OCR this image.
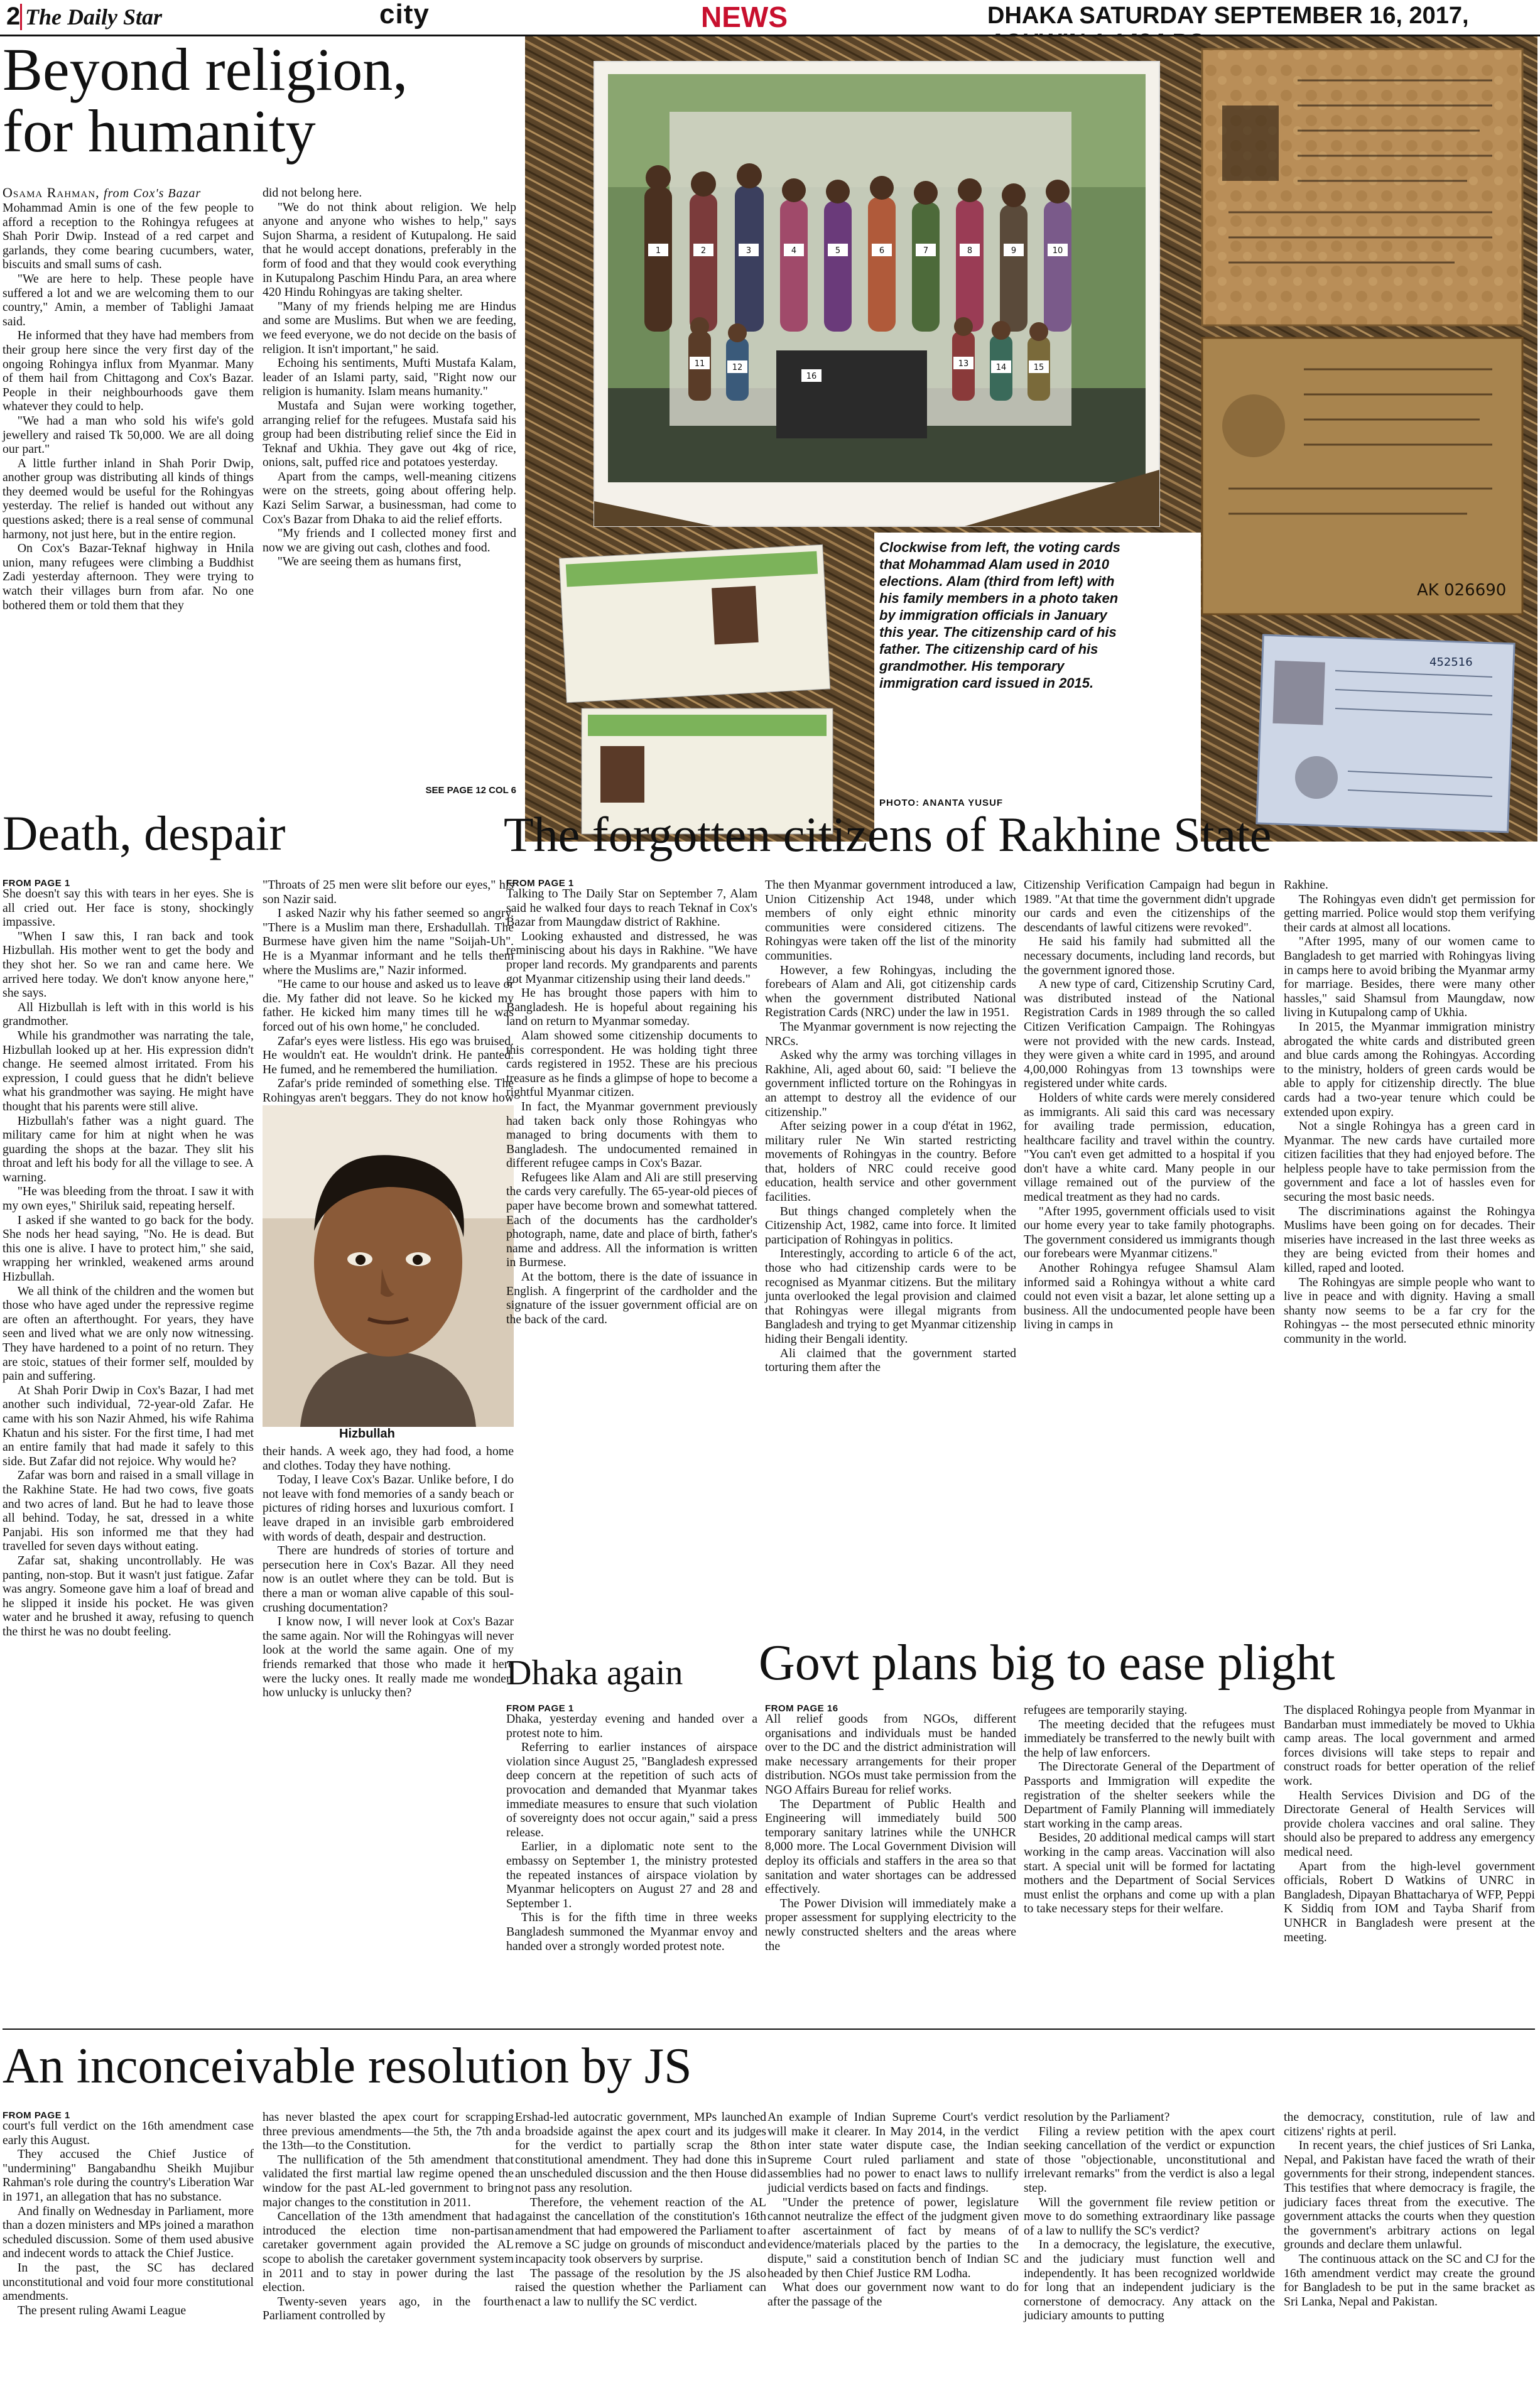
2 The Daily Star	city	NEWS	DHAKA SATURDAY SEPTEMBER 16, 2017,
Beyond religion,
for humanity
Osama Rahman, from Cox's Bazar

Mohammad Amin is one of the few people to afford a reception to the Rohingya refugees at Shah Porir Dwip. Instead of a red carpet and garlands, they come bearing cucumbers, water, biscuits and small sums of cash.

"We are here to help. These people have suffered a lot and we are welcoming them to our country," Amin, a member of Tablighi Jamaat said.

He informed that they have had members from their group here since the very first day of the ongoing Rohingya influx from Myanmar. Many of them hail from Chittagong and Cox's Bazar. People in their neighbourhoods gave them whatever they could to help.

"We had a man who sold his wife's gold jewellery and raised Tk 50,000. We are all doing our part."

A little further inland in Shah Porir Dwip, another group was distributing all kinds of things they deemed would be useful for the Rohingyas yesterday. The relief is handed out without any questions asked; there is a real sense of communal harmony, not just here, but in the entire region.

On Cox's Bazar-Teknaf highway in Hnila union, many refugees were climbing a Buddhist Zadi yesterday afternoon. They were trying to watch their villages burn from afar. No one bothered them or told them that they

did not belong here.

"We do not think about religion. We help anyone and anyone who wishes to help," says Sujon Sharma, a resident of Kutupalong. He said that he would accept donations, preferably in the form of food and that they would cook everything in Kutupalong Paschim Hindu Para, an area where 420 Hindu Rohingyas are taking shelter.

"Many of my friends helping me are Hindus and some are Muslims. But when we are feeding, we feed everyone, we do not decide on the basis of religion. It isn't important," he said.

Echoing his sentiments, Mufti Mustafa Kalam, leader of an Islami party, said, "Right now our religion is humanity. Islam means humanity."

Mustafa and Sujan were working together, arranging relief for the refugees. Mustafa said his group had been distributing relief since the Eid in Teknaf and Ukhia. They gave out 4kg of rice, onions, salt, puffed rice and potatoes yesterday.

Apart from the camps, well-meaning citizens were on the streets, going about offering help. Kazi Selim Sarwar, a businessman, had come to Cox's Bazar from Dhaka to aid the relief efforts.

"My friends and I collected money first and now we are giving out cash, clothes and food.

"We are seeing them as humans first,

SEE PAGE 12 COL 6
1	2	3	4	5	6	7	8	9	10
11	12	13	14	15
16
AK 026690
452516
Clockwise from left, the voting cards that Mohammad Alam used in 2010 elections. Alam (third from left) with his family members in a photo taken by immigration officials in January this year. The citizenship card of his father. The citizenship card of his grandmother. His temporary immigration card issued in 2015.
PHOTO: ANANTA YUSUF
Death, despair
FROM PAGE 1

She doesn't say this with tears in her eyes. She is all cried out. Her face is stony, shockingly impassive.

"When I saw this, I ran back and took Hizbullah. His mother went to get the body and they shot her. So we ran and came here. We arrived here today. We don't know anyone here," she says.

All Hizbullah is left with in this world is his grandmother.

While his grandmother was narrating the tale, Hizbullah looked up at her. His expression didn't change. He seemed almost irritated. From his expression, I could guess that he didn't believe what his grandmother was saying. He might have thought that his parents were still alive.

Hizbullah's father was a night guard. The military came for him at night when he was guarding the shops at the bazar. They slit his throat and left his body for all the village to see. A warning.

"He was bleeding from the throat. I saw it with my own eyes," Shiriluk said, repeating herself.

I asked if she wanted to go back for the body. She nods her head saying, "No. He is dead. But this one is alive. I have to protect him," she said, wrapping her wrinkled, weakened arms around Hizbullah.

We all think of the children and the women but those who have aged under the repressive regime are often an afterthought. For years, they have seen and lived what we are only now witnessing. They have hardened to a point of no return. They are stoic, statues of their former self, moulded by pain and suffering.

At Shah Porir Dwip in Cox's Bazar, I had met another such individual, 72-year-old Zafar. He came with his son Nazir Ahmed, his wife Rahima Khatun and his sister. For the first time, I had met an entire family that had made it safely to this side. But Zafar did not rejoice. Why would he?

Zafar was born and raised in a small village in the Rakhine State. He had two cows, five goats and two acres of land. But he had to leave those all behind. Today, he sat, dressed in a white Panjabi. His son informed me that they had travelled for seven days without eating.

Zafar sat, shaking uncontrollably. He was panting, non-stop. But it wasn't just fatigue. Zafar was angry. Someone gave him a loaf of bread and he slipped it inside his pocket. He was given water and he brushed it away, refusing to quench the thirst he was no doubt feeling.

"Throats of 25 men were slit before our eyes," his son Nazir said.

I asked Nazir why his father seemed so angry. "There is a Muslim man there, Ershadullah. The Burmese have given him the name "Soijah-Uh". He is a Myanmar informant and he tells them where the Muslims are," Nazir informed.

"He came to our house and asked us to leave or die. My father did not leave. So he kicked my father. He kicked him many times till he was forced out of his own home," he concluded.

Zafar's eyes were listless. His ego was bruised. He wouldn't eat. He wouldn't drink. He panted. He fumed, and he remembered the humiliation.

Zafar's pride reminded of something else. The Rohingyas aren't beggars. They do not know how

Hizbullah

their hands. A week ago, they had food, a home and clothes. Today they have nothing.

Today, I leave Cox's Bazar. Unlike before, I do not leave with fond memories of a sandy beach or pictures of riding horses and luxurious comfort. I leave draped in an invisible garb embroidered with words of death, despair and destruction.

There are hundreds of stories of torture and persecution here in Cox's Bazar. All they need now is an outlet where they can be told. But is there a man or woman alive capable of this soul-crushing documentation?

I know now, I will never look at Cox's Bazar the same again. Nor will the Rohingyas will never look at the world the same again. One of my friends remarked that those who made it here were the lucky ones. It really made me wonder: how unlucky is unlucky then?

The forgotten citizens of Rakhine State
FROM PAGE 1

Talking to The Daily Star on September 7, Alam said he walked four days to reach Teknaf in Cox's Bazar from Maungdaw district of Rakhine.

Looking exhausted and distressed, he was reminiscing about his days in Rakhine. "We have proper land records. My grandparents and parents got Myanmar citizenship using their land deeds."

He has brought those papers with him to Bangladesh. He is hopeful about regaining his land on return to Myanmar someday.

Alam showed some citizenship documents to this correspondent. He was holding tight three cards registered in 1952. These are his precious treasure as he finds a glimpse of hope to become a rightful Myanmar citizen.

In fact, the Myanmar government previously had taken back only those Rohingyas who managed to bring documents with them to Bangladesh. The undocumented remained in different refugee camps in Cox's Bazar.

Refugees like Alam and Ali are still preserving the cards very carefully. The 65-year-old pieces of paper have become brown and somewhat tattered. Each of the documents has the cardholder's photograph, name, date and place of birth, father's name and address. All the information is written in Burmese.

At the bottom, there is the date of issuance in English. A fingerprint of the cardholder and the signature of the issuer government official are on the back of the card.

The then Myanmar government introduced a law, Union Citizenship Act 1948, under which members of only eight ethnic minority communities were considered citizens. The Rohingyas were taken off the list of the minority communities.

However, a few Rohingyas, including the forebears of Alam and Ali, got citizenship cards when the government distributed National Registration Cards (NRC) under the law in 1951.

The Myanmar government is now rejecting the NRCs.

Asked why the army was torching villages in Rakhine, Ali, aged about 60, said: "I believe the government inflicted torture on the Rohingyas in an attempt to destroy all the evidence of our citizenship."

After seizing power in a coup d'état in 1962, military ruler Ne Win started restricting movements of Rohingyas in the country. Before that, holders of NRC could receive good education, health service and other government facilities.

But things changed completely when the Citizenship Act, 1982, came into force. It limited participation of Rohingyas in politics.

Interestingly, according to article 6 of the act, those who had citizenship cards were to be recognised as Myanmar citizens. But the military junta overlooked the legal provision and claimed that Rohingyas were illegal migrants from Bangladesh and trying to get Myanmar citizenship hiding their Bengali identity.

Ali claimed that the government started torturing them after the

Citizenship Verification Campaign had begun in 1989. "At that time the government didn't upgrade our cards and even the citizenships of the descendants of lawful citizens were revoked".

He said his family had submitted all the necessary documents, including land records, but the government ignored those.

A new type of card, Citizenship Scrutiny Card, was distributed instead of the National Registration Cards in 1989 through the so called Citizen Verification Campaign. The Rohingyas were not provided with the new cards. Instead, they were given a white card in 1995, and around 4,00,000 Rohingyas from 13 townships were registered under white cards.

Holders of white cards were merely considered as immigrants. Ali said this card was necessary for availing trade permission, education, healthcare facility and travel within the country. "You can't even get admitted to a hospital if you don't have a white card. Many people in our village remained out of the purview of the medical treatment as they had no cards.

"After 1995, government officials used to visit our home every year to take family photographs. The government considered us immigrants though our forebears were Myanmar citizens."

Another Rohingya refugee Shamsul Alam informed said a Rohingya without a white card could not even visit a bazar, let alone setting up a business. All the undocumented people have been living in camps in

Rakhine.

The Rohingyas even didn't get permission for getting married. Police would stop them verifying their cards at almost all locations.

"After 1995, many of our women came to Bangladesh to get married with Rohingyas living in camps here to avoid bribing the Myanmar army for marriage. Besides, there were many other hassles," said Shamsul from Maungdaw, now living in Kutupalong camp of Ukhia.

In 2015, the Myanmar immigration ministry abrogated the white cards and distributed green and blue cards among the Rohingyas. According to the ministry, holders of green cards would be able to apply for citizenship directly. The blue cards had a two-year tenure which could be extended upon expiry.

Not a single Rohingya has a green card in Myanmar. The new cards have curtailed more citizen facilities that they had enjoyed before. The helpless people have to take permission from the government and face a lot of hassles even for securing the most basic needs.

The discriminations against the Rohingya Muslims have been going on for decades. Their miseries have increased in the last three weeks as they are being evicted from their homes and killed, raped and looted.

The Rohingyas are simple people who want to live in peace and with dignity. Having a small shanty now seems to be a far cry for the Rohingyas -- the most persecuted ethnic minority community in the world.

Dhaka again
FROM PAGE 1

Dhaka, yesterday evening and handed over a protest note to him.

Referring to earlier instances of airspace violation since August 25, "Bangladesh expressed deep concern at the repetition of such acts of provocation and demanded that Myanmar takes immediate measures to ensure that such violation of sovereignty does not occur again," said a press release.

Earlier, in a diplomatic note sent to the embassy on September 1, the ministry protested the repeated instances of airspace violation by Myanmar helicopters on August 27 and 28 and September 1.

This is for the fifth time in three weeks Bangladesh summoned the Myanmar envoy and handed over a strongly worded protest note.

Govt plans big to ease plight
FROM PAGE 16

All relief goods from NGOs, different organisations and individuals must be handed over to the DC and the district administration will make necessary arrangements for their proper distribution. NGOs must take permission from the NGO Affairs Bureau for relief works.

The Department of Public Health and Engineering will immediately build 500 temporary sanitary latrines while the UNHCR 8,000 more. The Local Government Division will deploy its officials and staffers in the area so that sanitation and water shortages can be addressed effectively.

The Power Division will immediately make a proper assessment for supplying electricity to the newly constructed shelters and the areas where the

refugees are temporarily staying.

The meeting decided that the refugees must immediately be transferred to the newly built with the help of law enforcers.

The Directorate General of the Department of Passports and Immigration will expedite the registration of the shelter seekers while the Department of Family Planning will immediately start working in the camp areas.

Besides, 20 additional medical camps will start working in the camp areas. Vaccination will also start. A special unit will be formed for lactating mothers and the Department of Social Services must enlist the orphans and come up with a plan to take necessary steps for their welfare.

The displaced Rohingya people from Myanmar in Bandarban must immediately be moved to Ukhia camp areas. The local government and armed forces divisions will take steps to repair and construct roads for better operation of the relief work.

Health Services Division and DG of the Directorate General of Health Services will provide cholera vaccines and oral saline. They should also be prepared to address any emergency medical need.

Apart from the high-level government officials, Robert D Watkins of UNRC in Bangladesh, Dipayan Bhattacharya of WFP, Peppi K Siddiq from IOM and Tayba Sharif from UNHCR in Bangladesh were present at the meeting.

An inconceivable resolution by JS
FROM PAGE 1

court's full verdict on the 16th amendment case early this August.

They accused the Chief Justice of "undermining" Bangabandhu Sheikh Mujibur Rahman's role during the country's Liberation War in 1971, an allegation that has no substance.

And finally on Wednesday in Parliament, more than a dozen ministers and MPs joined a marathon scheduled discussion. Some of them used abusive and indecent words to attack the Chief Justice.

In the past, the SC has declared unconstitutional and void four more constitutional amendments.

The present ruling Awami League

has never blasted the apex court for scrapping three previous amendments—the 5th, the 7th and the 13th—to the Constitution.

The nullification of the 5th amendment that validated the first martial law regime opened the window for the past AL-led government to bring major changes to the constitution in 2011.

Cancellation of the 13th amendment that had introduced the election time non-partisan caretaker government again provided the AL scope to abolish the caretaker government system in 2011 and to stay in power during the last election.

Twenty-seven years ago, in the fourth Parliament controlled by

Ershad-led autocratic government, MPs launched a broadside against the apex court and its judges for the verdict to partially scrap the 8th constitutional amendment. They had done this in an unscheduled discussion and the then House did not pass any resolution.

Therefore, the vehement reaction of the AL against the cancellation of the constitution's 16th amendment that had empowered the Parliament to remove a SC judge on grounds of misconduct and incapacity took observers by surprise.

The passage of the resolution by the JS also raised the question whether the Parliament can enact a law to nullify the SC verdict.

An example of Indian Supreme Court's verdict will make it clearer. In May 2014, in the verdict on inter state water dispute case, the Indian Supreme Court ruled parliament and state assemblies had no power to enact laws to nullify judicial verdicts based on facts and findings.

"Under the pretence of power, legislature cannot neutralize the effect of the judgment given after ascertainment of fact by means of evidence/materials placed by the parties to the dispute," said a constitution bench of Indian SC headed by then Chief Justice RM Lodha.

What does our government now want to do after the passage of the

resolution by the Parliament?

Filing a review petition with the apex court seeking cancellation of the verdict or expunction of those "objectionable, unconstitutional and irrelevant remarks" from the verdict is also a legal step.

Will the government file review petition or move to do something extraordinary like passage of a law to nullify the SC's verdict?

In a democracy, the legislature, the executive, and the judiciary must function well and independently. It has been recognized worldwide for long that an independent judiciary is the cornerstone of democracy. Any attack on the judiciary amounts to putting

the democracy, constitution, rule of law and citizens' rights at peril.

In recent years, the chief justices of Sri Lanka, Nepal, and Pakistan have faced the wrath of their governments for their strong, independent stances. This testifies that where democracy is fragile, the judiciary faces threat from the executive. The government attacks the courts when they question the government's arbitrary actions on legal grounds and declare them unlawful.

The continuous attack on the SC and CJ for the 16th amendment verdict may create the ground for Bangladesh to be put in the same bracket as Sri Lanka, Nepal and Pakistan.
